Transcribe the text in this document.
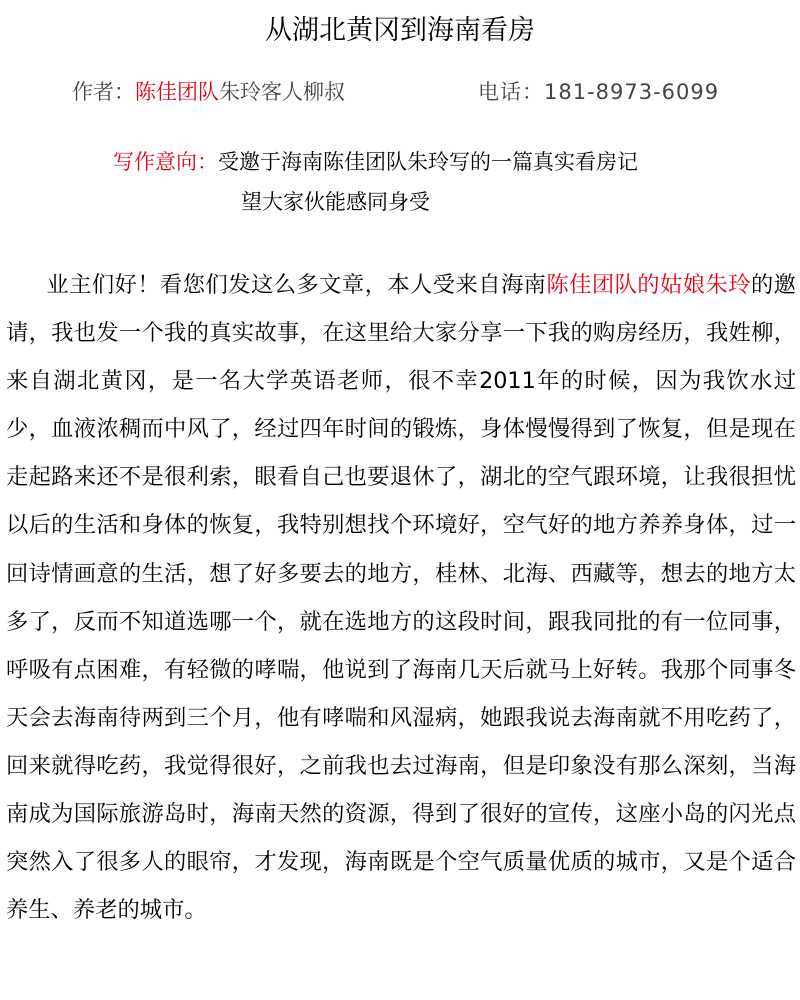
从湖北黄冈到海南看房
作者：陈佳团队朱玲客人柳叔	电话：181-8973-6099
写作意向：受邀于海南陈佳团队朱玲写的一篇真实看房记
望大家伙能感同身受
业主们好！看您们发这么多文章，本人受来自海南陈佳团队的姑娘朱玲的邀请，我也发一个我的真实故事，在这里给大家分享一下我的购房经历，我姓柳，来自湖北黄冈，是一名大学英语老师，很不幸2011年的时候，因为我饮水过少，血液浓稠而中风了，经过四年时间的锻炼，身体慢慢得到了恢复，但是现在走起路来还不是很利索，眼看自己也要退休了，湖北的空气跟环境，让我很担忧以后的生活和身体的恢复，我特别想找个环境好，空气好的地方养养身体，过一回诗情画意的生活，想了好多要去的地方，桂林、北海、西藏等，想去的地方太多了，反而不知道选哪一个，就在选地方的这段时间，跟我同批的有一位同事，呼吸有点困难，有轻微的哮喘，他说到了海南几天后就马上好转。我那个同事冬天会去海南待两到三个月，他有哮喘和风湿病，她跟我说去海南就不用吃药了，回来就得吃药，我觉得很好，之前我也去过海南，但是印象没有那么深刻，当海南成为国际旅游岛时，海南天然的资源，得到了很好的宣传，这座小岛的闪光点突然入了很多人的眼帘，才发现，海南既是个空气质量优质的城市，又是个适合养生、养老的城市。
